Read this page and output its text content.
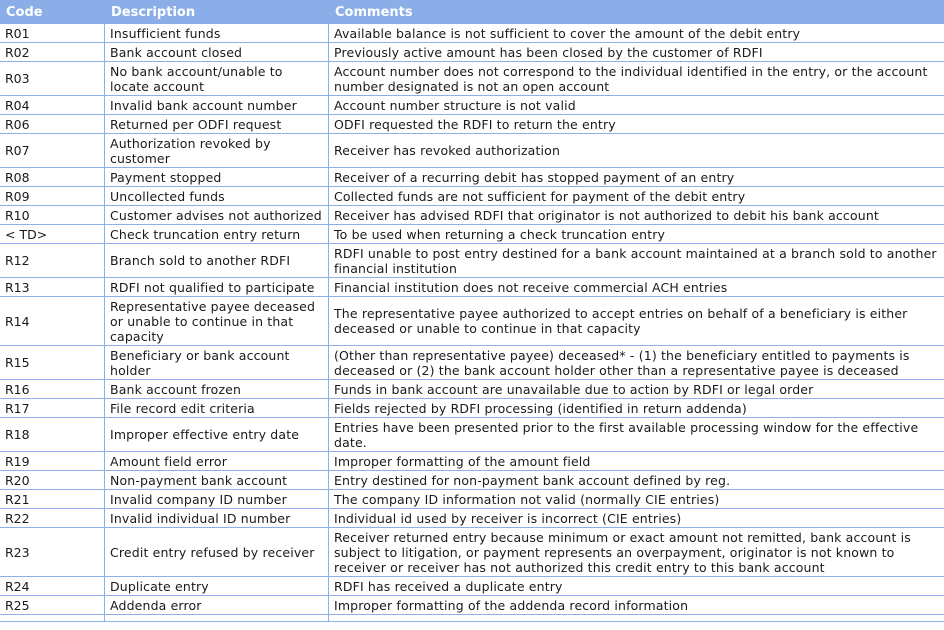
Code	Description	Comments
R01	Insufficient funds	Available balance is not sufficient to cover the amount of the debit entry
R02	Bank account closed	Previously active amount has been closed by the customer of RDFI
R03	No bank account/unable to locate account	Account number does not correspond to the individual identified in the entry, or the account number designated is not an open account
R04	Invalid bank account number	Account number structure is not valid
R06	Returned per ODFI request	ODFI requested the RDFI to return the entry
R07	Authorization revoked by customer	Receiver has revoked authorization
R08	Payment stopped	Receiver of a recurring debit has stopped payment of an entry
R09	Uncollected funds	Collected funds are not sufficient for payment of the debit entry
R10	Customer advises not authorized	Receiver has advised RDFI that originator is not authorized to debit his bank account
< TD>	Check truncation entry return	To be used when returning a check truncation entry
R12	Branch sold to another RDFI	RDFI unable to post entry destined for a bank account maintained at a branch sold to another financial institution
R13	RDFI not qualified to participate	Financial institution does not receive commercial ACH entries
R14	Representative payee deceased or unable to continue in that capacity	The representative payee authorized to accept entries on behalf of a beneficiary is either deceased or unable to continue in that capacity
R15	Beneficiary or bank account holder	(Other than representative payee) deceased* - (1) the beneficiary entitled to payments is deceased or (2) the bank account holder other than a representative payee is deceased
R16	Bank account frozen	Funds in bank account are unavailable due to action by RDFI or legal order
R17	File record edit criteria	Fields rejected by RDFI processing (identified in return addenda)
R18	Improper effective entry date	Entries have been presented prior to the first available processing window for the effective date.
R19	Amount field error	Improper formatting of the amount field
R20	Non-payment bank account	Entry destined for non-payment bank account defined by reg.
R21	Invalid company ID number	The company ID information not valid (normally CIE entries)
R22	Invalid individual ID number	Individual id used by receiver is incorrect (CIE entries)
R23	Credit entry refused by receiver	Receiver returned entry because minimum or exact amount not remitted, bank account is subject to litigation, or payment represents an overpayment, originator is not known to receiver or receiver has not authorized this credit entry to this bank account
R24	Duplicate entry	RDFI has received a duplicate entry
R25	Addenda error	Improper formatting of the addenda record information
